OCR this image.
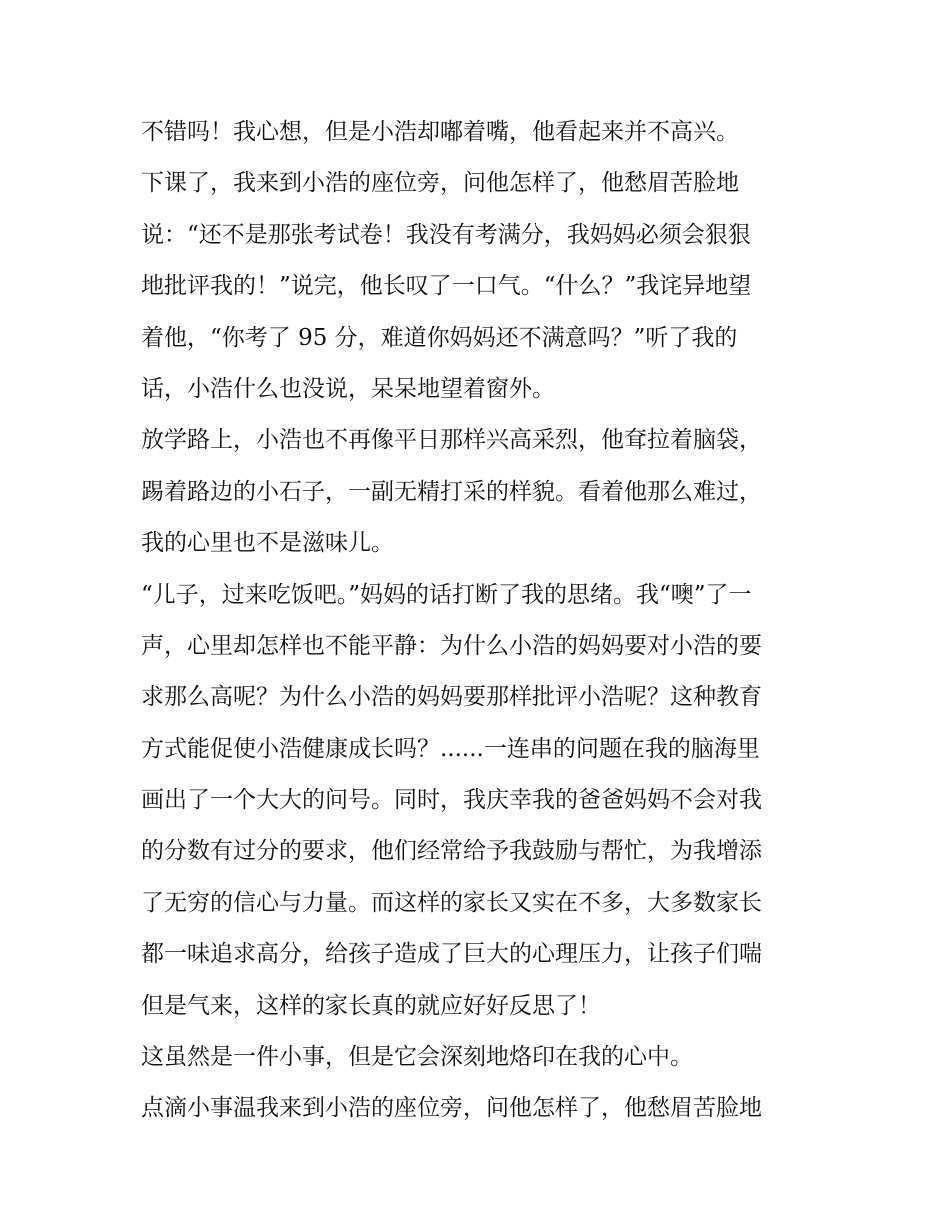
不错吗！我心想，但是小浩却嘟着嘴，他看起来并不高兴。
下课了，我来到小浩的座位旁，问他怎样了，他愁眉苦脸地
说：“还不是那张考试卷！我没有考满分，我妈妈必须会狠狠
地批评我的！”说完，他长叹了一口气。“什么？”我诧异地望
着他，“你考了 95 分，难道你妈妈还不满意吗？”听了我的
话，小浩什么也没说，呆呆地望着窗外。
放学路上，小浩也不再像平日那样兴高采烈，他耷拉着脑袋，
踢着路边的小石子，一副无精打采的样貌。看着他那么难过，
我的心里也不是滋味儿。
“儿子，过来吃饭吧。”妈妈的话打断了我的思绪。我“噢”了一
声，心里却怎样也不能平静：为什么小浩的妈妈要对小浩的要
求那么高呢？为什么小浩的妈妈要那样批评小浩呢？这种教育
方式能促使小浩健康成长吗？......一连串的问题在我的脑海里
画出了一个大大的问号。同时，我庆幸我的爸爸妈妈不会对我
的分数有过分的要求，他们经常给予我鼓励与帮忙，为我增添
了无穷的信心与力量。而这样的家长又实在不多，大多数家长
都一味追求高分，给孩子造成了巨大的心理压力，让孩子们喘
但是气来，这样的家长真的就应好好反思了！
这虽然是一件小事，但是它会深刻地烙印在我的心中。
点滴小事温我来到小浩的座位旁，问他怎样了，他愁眉苦脸地
